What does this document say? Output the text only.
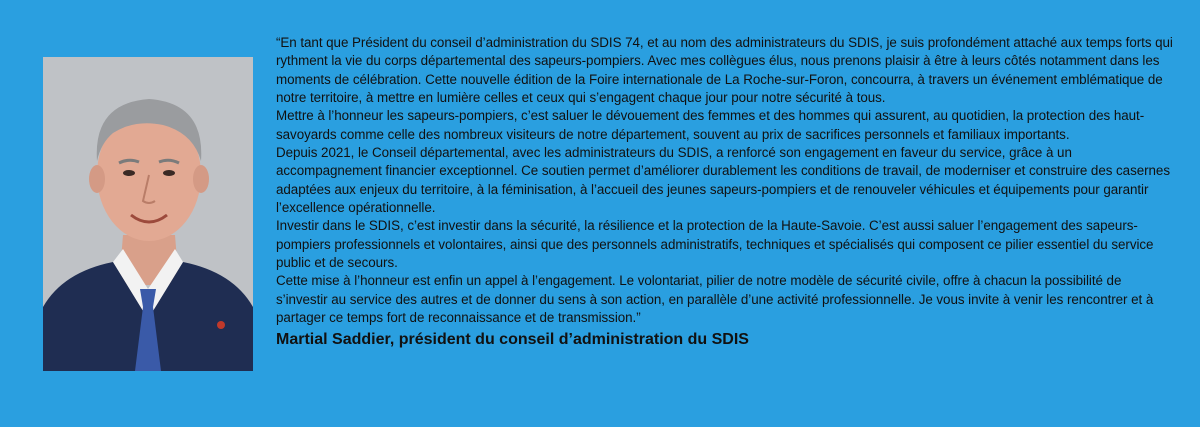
“En tant que Président du conseil d’administration du SDIS 74, et au nom des administrateurs du SDIS, je suis profondément attaché aux temps forts qui rythment la vie du corps départemental des sapeurs-pompiers. Avec mes collègues élus, nous prenons plaisir à être à leurs côtés notamment dans les moments de célébration. Cette nouvelle édition de la Foire internationale de La Roche-sur-Foron, concourra, à travers un événement emblématique de notre territoire, à mettre en lumière celles et ceux qui s’engagent chaque jour pour notre sécurité à tous.

Mettre à l’honneur les sapeurs-pompiers, c’est saluer le dévouement des femmes et des hommes qui assurent, au quotidien, la protection des haut-savoyards comme celle des nombreux visiteurs de notre département, souvent au prix de sacrifices personnels et familiaux importants.

Depuis 2021, le Conseil départemental, avec les administrateurs du SDIS, a renforcé son engagement en faveur du service, grâce à un accompagnement financier exceptionnel. Ce soutien permet d’améliorer durablement les conditions de travail, de moderniser et construire des casernes adaptées aux enjeux du territoire, à la féminisation, à l’accueil des jeunes sapeurs-pompiers et de renouveler véhicules et équipements pour garantir l’excellence opérationnelle.

Investir dans le SDIS, c’est investir dans la sécurité, la résilience et la protection de la Haute-Savoie. C’est aussi saluer l’engagement des sapeurs-pompiers professionnels et volontaires, ainsi que des personnels administratifs, techniques et spécialisés qui composent ce pilier essentiel du service public et de secours.

Cette mise à l’honneur est enfin un appel à l’engagement. Le volontariat, pilier de notre modèle de sécurité civile, offre à chacun la possibilité de s’investir au service des autres et de donner du sens à son action, en parallèle d’une activité professionnelle. Je vous invite à venir les rencontrer et à partager ce temps fort de reconnaissance et de transmission.”

Martial Saddier, président du conseil d’administration du SDIS
